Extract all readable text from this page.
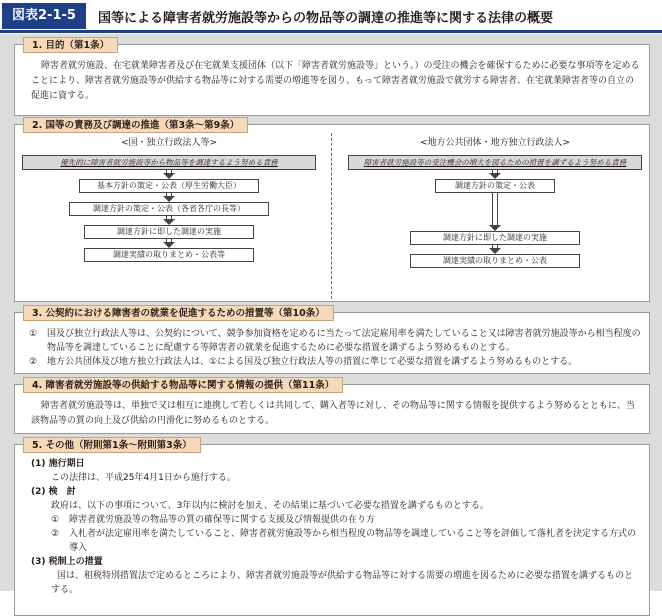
図表2-1-5	国等による障害者就労施設等からの物品等の調達の推進等に関する法律の概要
1. 目的（第1条）
障害者就労施設、在宅就業障害者及び在宅就業支援団体（以下「障害者就労施設等」という。）の受注の機会を確保するために必要な事項等を定めることにより、障害者就労施設等が供給する物品等に対する需要の増進等を図り、もって障害者就労施設で就労する障害者、在宅就業障害者等の自立の促進に資する。
2. 国等の責務及び調達の推進（第3条〜第9条）
<国・独立行政法人等>
優先的に障害者就労施設等から物品等を調達するよう努める責務
基本方針の策定・公表（厚生労働大臣）
調達方針の策定・公表（各省各庁の長等）
調達方針に即した調達の実施
調達実績の取りまとめ・公表等
<地方公共団体・地方独立行政法人>
障害者就労施設等の受注機会の増大を図るための措置を講ずるよう努める責務
調達方針の策定・公表
調達方針に即した調達の実施
調達実績の取りまとめ・公表
3. 公契約における障害者の就業を促進するための措置等（第10条）
①	国及び独立行政法人等は、公契約について、競争参加資格を定めるに当たって法定雇用率を満たしていること又は障害者就労施設等から相当程度の物品等を調達していることに配慮する等障害者の就業を促進するために必要な措置を講ずるよう努めるものとする。
②	地方公共団体及び地方独立行政法人は、①による国及び独立行政法人等の措置に準じて必要な措置を講ずるよう努めるものとする。
4. 障害者就労施設等の供給する物品等に関する情報の提供（第11条）
障害者就労施設等は、単独で又は相互に連携して若しくは共同して、購入者等に対し、その物品等に関する情報を提供するよう努めるとともに、当該物品等の質の向上及び供給の円滑化に努めるものとする。
5. その他（附則第1条〜附則第3条）
(1) 施行期日
この法律は、平成25年4月1日から施行する。
(2) 検　討
政府は、以下の事項について、3年以内に検討を加え、その結果に基づいて必要な措置を講ずるものとする。
①	障害者就労施設等の物品等の質の確保等に関する支援及び情報提供の在り方
②	入札者が法定雇用率を満たしていること、障害者就労施設等から相当程度の物品等を調達していること等を評価して落札者を決定する方式の導入
(3) 税制上の措置
国は、租税特別措置法で定めるところにより、障害者就労施設等が供給する物品等に対する需要の増進を図るために必要な措置を講ずるものとする。
